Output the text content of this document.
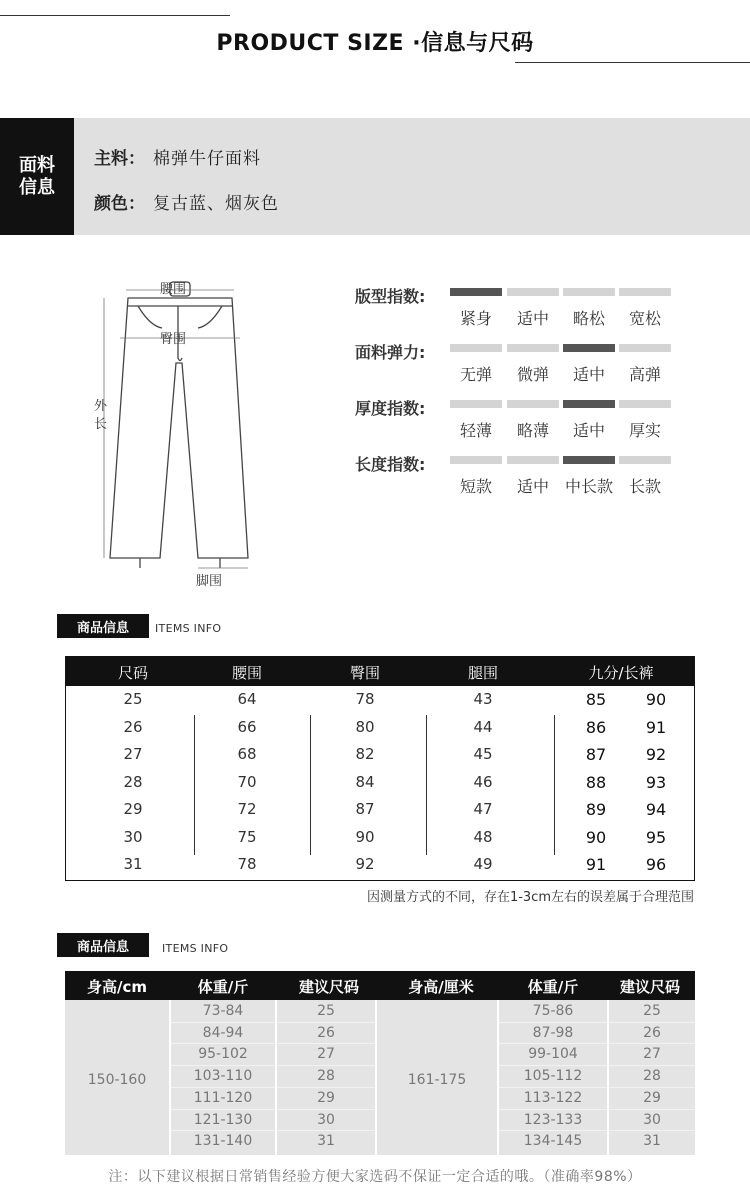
PRODUCT SIZE ·信息与尺码
面料信息
主料： 棉弹牛仔面料
颜色： 复古蓝、烟灰色
腰围
臀围
外长
脚围
版型指数:
紧身	适中	略松	宽松
面料弹力:
无弹	微弹	适中	高弹
厚度指数:
轻薄	略薄	适中	厚实
长度指数:
短款	适中 中长款 长款
商品信息	ITEMS INFO
尺码	腰围	臀围	腿围	九分/长裤
25	64	78	43	85	90
26	66	80	44	86	91
27	68	82	45	87	92
28	70	84	46	88	93
29	72	87	47	89	94
30	75	90	48	90	95
31	78	92	49	91	96
因测量方式的不同，存在1-3cm左右的误差属于合理范围
商品信息	ITEMS INFO
身高/cm	体重/斤	建议尺码	身高/厘米	体重/斤	建议尺码
150-160	161-175
73-84	25	75-86	25
84-94	26	87-98	26
95-102	27	99-104	27
103-110	28	105-112	28
111-120	29	113-122	29
121-130	30	123-133	30
131-140	31	134-145	31
注：以下建议根据日常销售经验方便大家选码不保证一定合适的哦。（准确率98%）
